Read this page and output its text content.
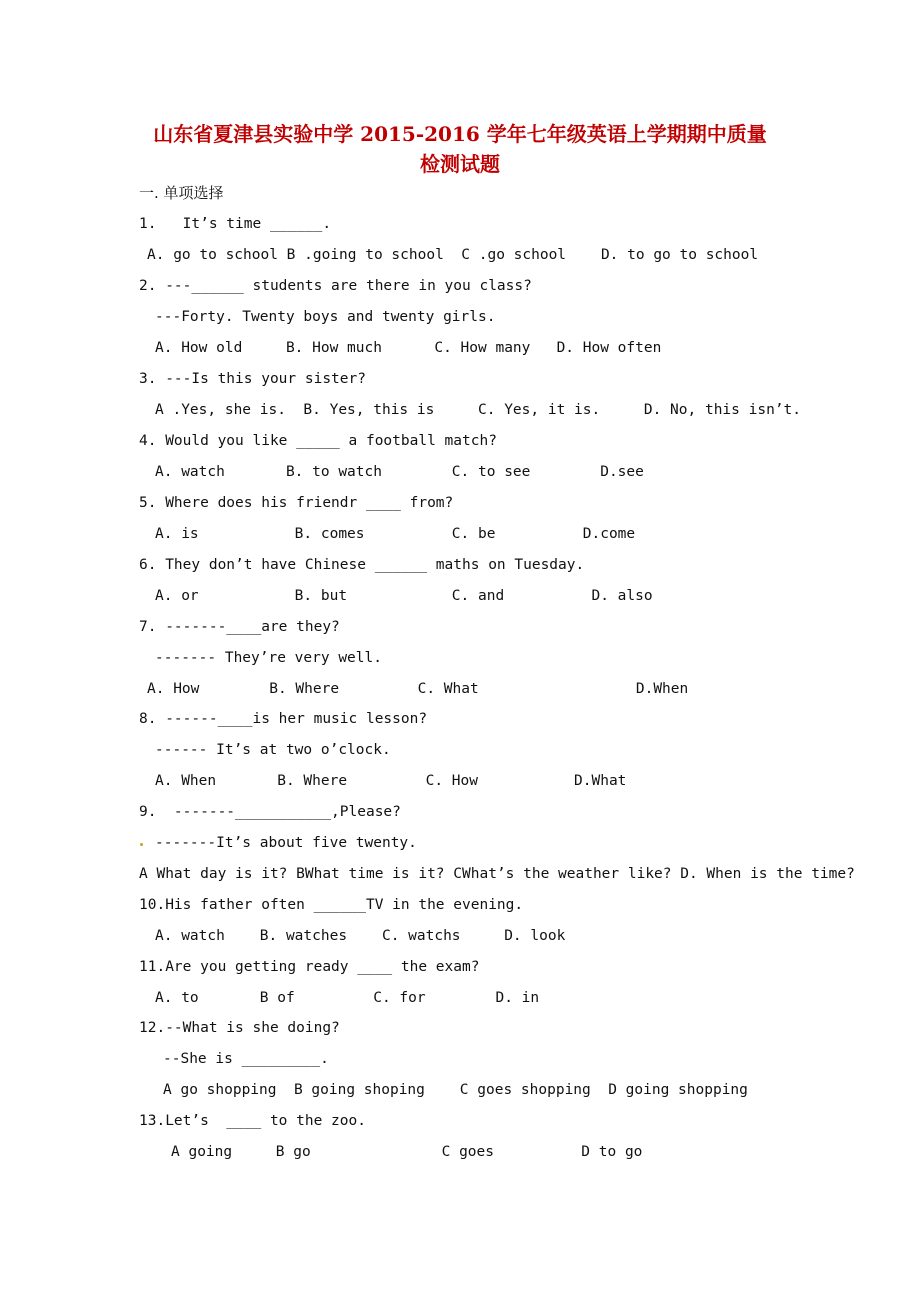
山东省夏津县实验中学 2015-2016 学年七年级英语上学期期中质量
检测试题
一. 单项选择
1.   It’s time ______.
A. go to school B .going to school  C .go school    D. to go to school
2. ---______ students are there in you class?
---Forty. Twenty boys and twenty girls.
A. How old     B. How much      C. How many   D. How often
3. ---Is this your sister?
A .Yes, she is.  B. Yes, this is     C. Yes, it is.     D. No, this isn’t.
4. Would you like _____ a football match?
A. watch       B. to watch        C. to see        D.see
5. Where does his friendr ____ from?
A. is           B. comes          C. be          D.come
6. They don’t have Chinese ______ maths on Tuesday.
A. or           B. but            C. and          D. also
7. -------____are they?
------- They’re very well.
A. How        B. Where         C. What                  D.When
8. ------____is her music lesson?
------ It’s at two o’clock.
A. When       B. Where         C. How           D.What
9.  -------___________,Please?
-------It’s about five twenty.
A What day is it? BWhat time is it? CWhat’s the weather like? D. When is the time?
10.His father often ______TV in the evening.
A. watch    B. watches    C. watchs     D. look
11.Are you getting ready ____ the exam?
A. to       B of         C. for        D. in
12.--What is she doing?
--She is _________.
A go shopping  B going shoping    C goes shopping  D going shopping
13.Let’s  ____ to the zoo.
A going     B go               C goes          D to go
